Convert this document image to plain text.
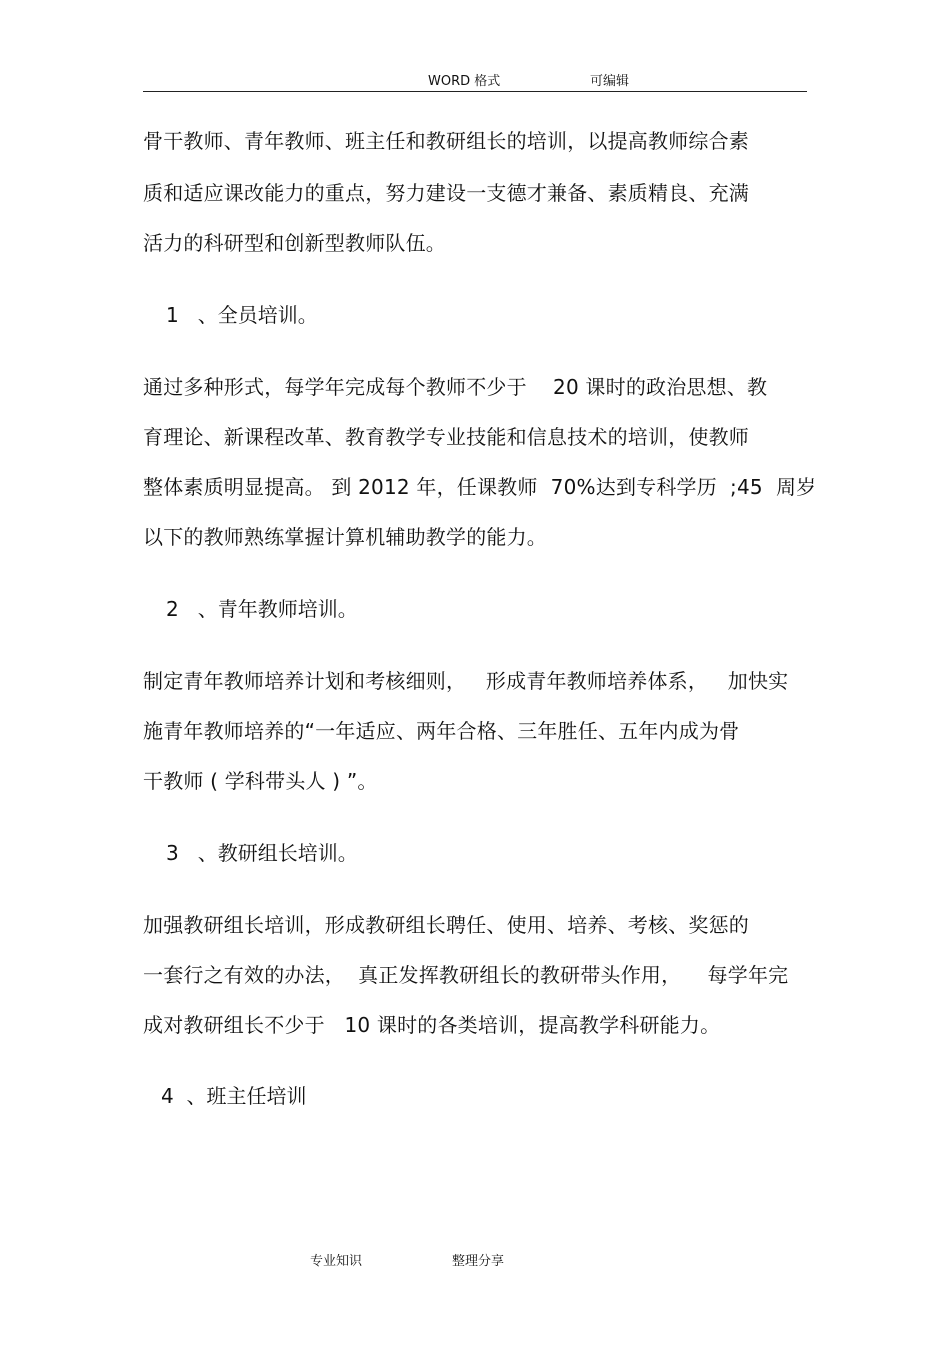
WORD 格式	可编辑
骨干教师、青年教师、班主任和教研组长的培训，以提高教师综合素
质和适应课改能力的重点，努力建设一支德才兼备、素质精良、充满
活力的科研型和创新型教师队伍。
1   、全员培训。
通过多种形式，每学年完成每个教师不少于    20 课时的政治思想、教
育理论、新课程改革、教育教学专业技能和信息技术的培训，使教师
整体素质明显提高。 到 2012 年，任课教师  70%达到专科学历  ;45  周岁
以下的教师熟练掌握计算机辅助教学的能力。
2   、青年教师培训。
制定青年教师培养计划和考核细则，   形成青年教师培养体系，   加快实
施青年教师培养的“一年适应、两年合格、三年胜任、五年内成为骨
干教师 ( 学科带头人 ) ”。
3   、教研组长培训。
加强教研组长培训，形成教研组长聘任、使用、培养、考核、奖惩的
一套行之有效的办法，  真正发挥教研组长的教研带头作用，    每学年完
成对教研组长不少于   10 课时的各类培训，提高教学科研能力。
4  、班主任培训
专业知识	整理分享
